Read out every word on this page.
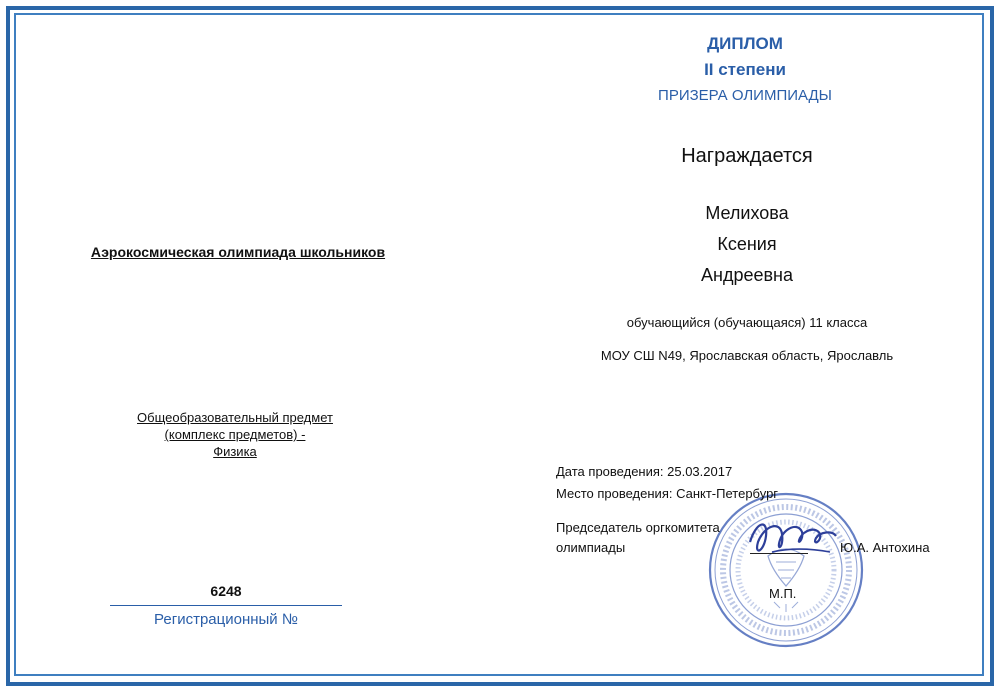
ДИПЛОМ
II степени
ПРИЗЕРА ОЛИМПИАДЫ
Награждается
Мелихова
Ксения
Андреевна
обучающийся (обучающаяся) 11 класса
МОУ СШ N49, Ярославская область, Ярославль
Аэрокосмическая олимпиада школьников
Общеобразовательный предмет
(комплекс предметов) -
Физика
6248
Регистрационный №
Дата проведения: 25.03.2017
Место проведения: Санкт-Петербург
Председатель оргкомитета
олимпиады	Ю.А. Антохина
М.П.
